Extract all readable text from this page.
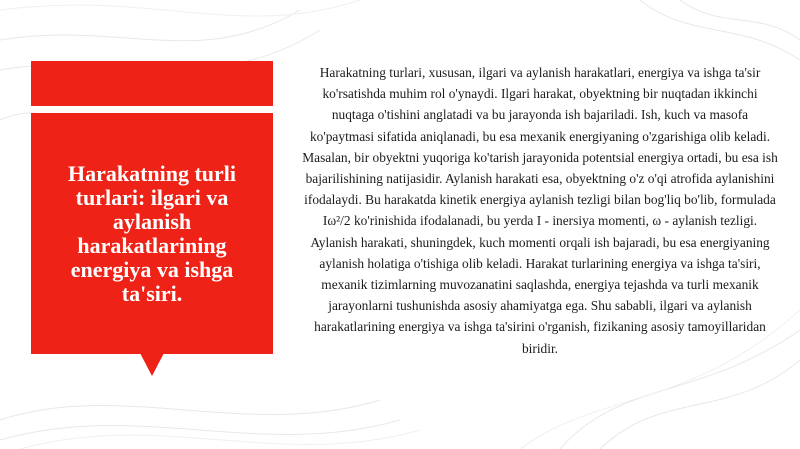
Harakatning turli turlari: ilgari va aylanish harakatlarining energiya va ishga ta'siri.

Harakatning turlari, xususan, ilgari va aylanish harakatlari, energiya va ishga ta'sir ko'rsatishda muhim rol o'ynaydi. Ilgari harakat, obyektning bir nuqtadan ikkinchi nuqtaga o'tishini anglatadi va bu jarayonda ish bajariladi. Ish, kuch va masofa ko'paytmasi sifatida aniqlanadi, bu esa mexanik energiyaning o'zgarishiga olib keladi. Masalan, bir obyektni yuqoriga ko'tarish jarayonida potentsial energiya ortadi, bu esa ish bajarilishining natijasidir. Aylanish harakati esa, obyektning o'z o'qi atrofida aylanishini ifodalaydi. Bu harakatda kinetik energiya aylanish tezligi bilan bog'liq bo'lib, formulada Iω²/2 ko'rinishida ifodalanadi, bu yerda I - inersiya momenti, ω - aylanish tezligi. Aylanish harakati, shuningdek, kuch momenti orqali ish bajaradi, bu esa energiyaning aylanish holatiga o'tishiga olib keladi. Harakat turlarining energiya va ishga ta'siri, mexanik tizimlarning muvozanatini saqlashda, energiya tejashda va turli mexanik jarayonlarni tushunishda asosiy ahamiyatga ega. Shu sababli, ilgari va aylanish harakatlarining energiya va ishga ta'sirini o'rganish, fizikaning asosiy tamoyillaridan biridir.
